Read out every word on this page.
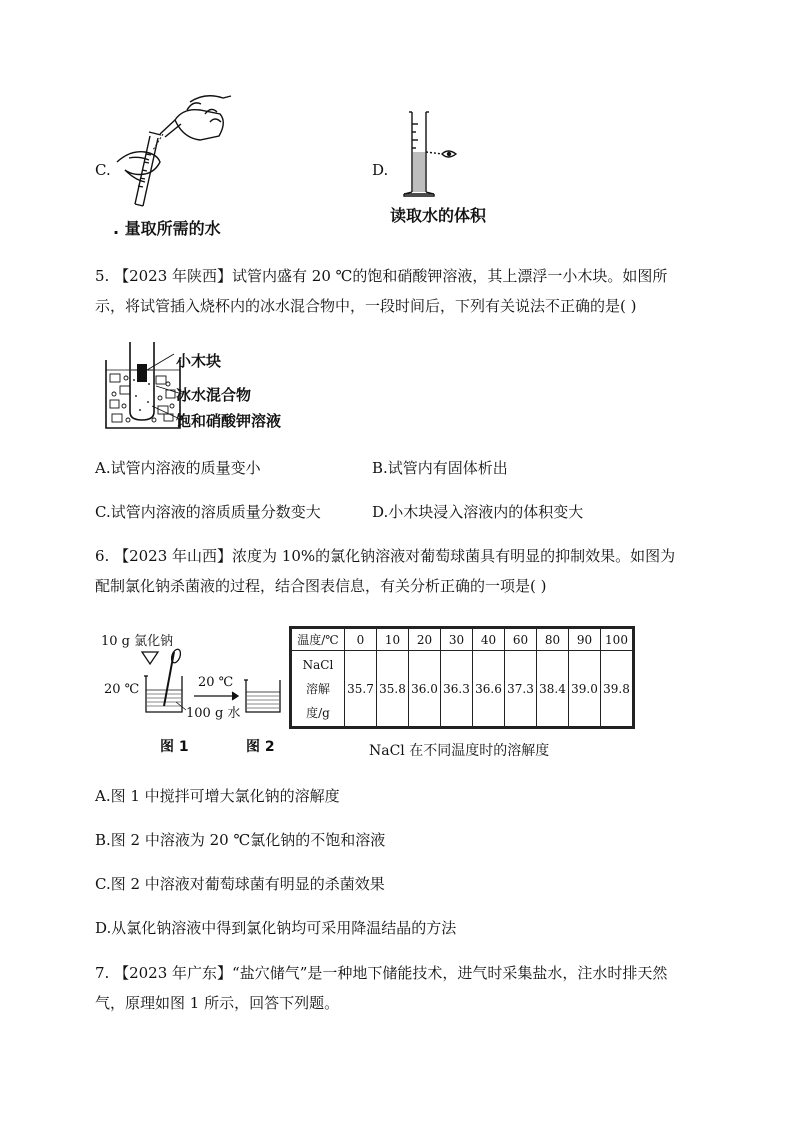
C.
. 量取所需的水
D.
读取水的体积
5. 【2023 年陕西】试管内盛有 20 ℃的饱和硝酸钾溶液，其上漂浮一小木块。如图所
示，将试管插入烧杯内的冰水混合物中，一段时间后，下列有关说法不正确的是( )
小木块
冰水混合物
饱和硝酸钾溶液
A.试管内溶液的质量变小	B.试管内有固体析出
C.试管内溶液的溶质质量分数变大	D.小木块浸入溶液内的体积变大
6. 【2023 年山西】浓度为 10%的氯化钠溶液对葡萄球菌具有明显的抑制效果。如图为
配制氯化钠杀菌液的过程，结合图表信息，有关分析正确的一项是( )
10 g 氯化钠
20 ℃	20 ℃
100 g 水
图 1	图 2
温度/℃	0	10	20	30	40	60	80	90	100

NaCl
溶解
度/g	35.7	35.8	36.0	36.3	36.6	37.3	38.4	39.0	39.8
NaCl 在不同温度时的溶解度
A.图 1 中搅拌可增大氯化钠的溶解度
B.图 2 中溶液为 20 ℃氯化钠的不饱和溶液
C.图 2 中溶液对葡萄球菌有明显的杀菌效果
D.从氯化钠溶液中得到氯化钠均可采用降温结晶的方法
7. 【2023 年广东】“盐穴储气”是一种地下储能技术，进气时采集盐水，注水时排天然
气，原理如图 1 所示，回答下列题。
